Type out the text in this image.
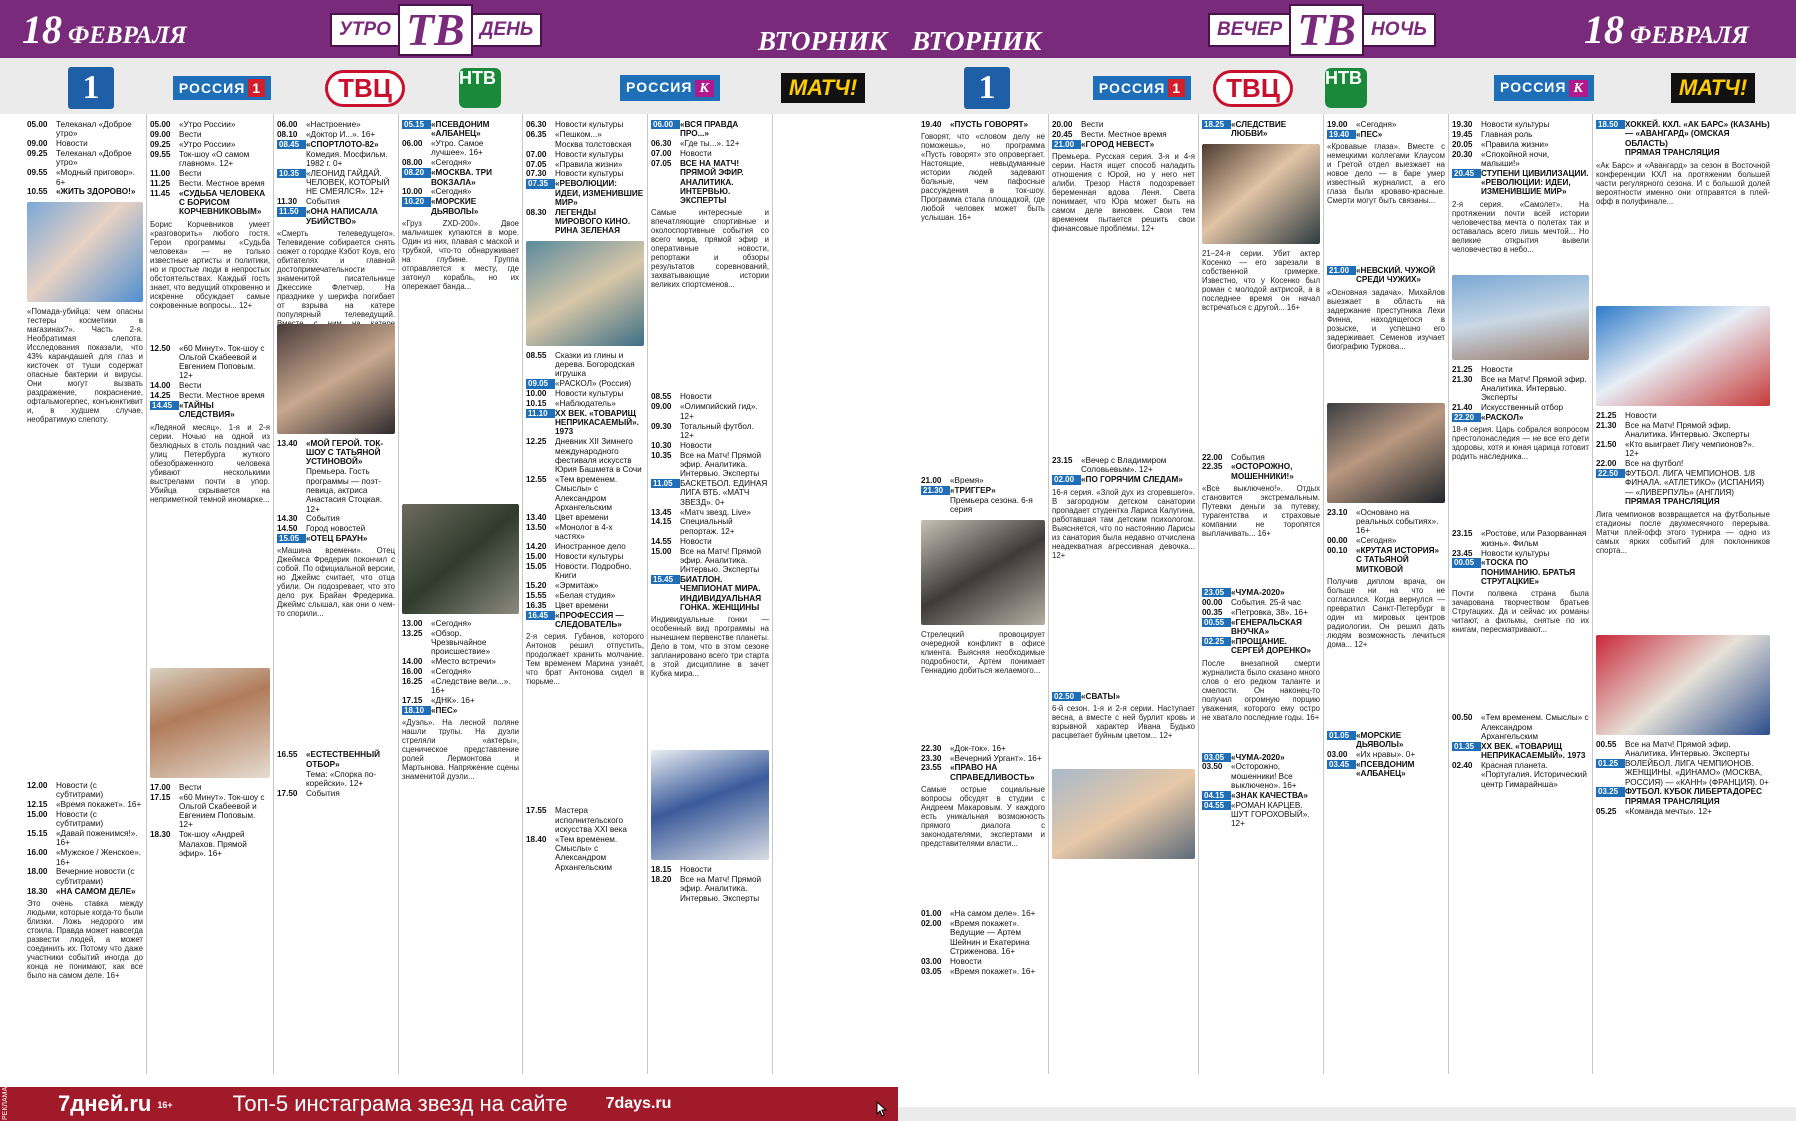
18 ФЕВРАЛЯ	УТРО ТВ ДЕНЬ	ВТОРНИК
1	РОССИЯ 1	ТВЦ	НТВ	РОССИЯ К	МАТЧ!
05.00	Телеканал «Доброе утро»
09.00	Новости
09.25	Телеканал «Доброе утро»
09.55	«Модный приговор». 6+
10.55	«ЖИТЬ ЗДОРОВО!»
«Помада-убийца: чем опасны тестеры косметики в магазинах?». Часть 2-я. Необратимая слепота. Исследования показали, что 43% карандашей для глаз и кисточек от туши содержат опасные бактерии и вирусы. Они могут вызвать раздражение, покраснение, офтальмогерпес, конъюнктивит и, в худшем случае, необратимую слепоту.
12.00	Новости (с субтитрами)
12.15	«Время покажет». 16+
15.00	Новости (с субтитрами)
15.15	«Давай поженимся!». 16+
16.00	«Мужское / Женское». 16+
18.00	Вечерние новости (с субтитрами)
18.30	«НА САМОМ ДЕЛЕ»
Это очень ставка между людьми, которые когда-то были близки. Ложь недорого им стоила. Правда может навсегда развести людей, а может соединить их. Потому что даже участники событий иногда до конца не понимают, как все было на самом деле. 16+
05.00	«Утро России»
09.00	Вести
09.25	«Утро России»
09.55	Ток-шоу «О самом главном». 12+
11.00	Вести
11.25	Вести. Местное время
11.45	«СУДЬБА ЧЕЛОВЕКА С БОРИСОМ КОРЧЕВНИКОВЫМ»
Борис Корчевников умеет «разговорить» любого гостя. Герои программы «Судьба человека» — не только известные артисты и политики, но и простые люди в непростых обстоятельствах. Каждый гость знает, что ведущий откровенно и искренне обсуждает самые сокровенные вопросы... 12+
12.50	«60 Минут». Ток-шоу с Ольгой Скабеевой и Евгением Поповым. 12+
14.00	Вести
14.25	Вести. Местное время
14.45 «ТАЙНЫ СЛЕДСТВИЯ»
«Ледяной месяц». 1-я и 2-я серии. Ночью на одной из безлюдных в столь поздний час улиц Петербурга жуткого обезображенного человека убивают несколькими выстрелами почти в упор. Убийца скрывается на неприметной темной иномарке...
17.00	Вести
17.15	«60 Минут». Ток-шоу с Ольгой Скабеевой и Евгением Поповым. 12+
18.30	Ток-шоу «Андрей Малахов. Прямой эфир». 16+
06.00	«Настроение»
08.10	«Доктор И...». 16+
08.45 «СПОРТЛОТО-82»
Комедия. Мосфильм. 1982 г. 0+
10.35 «ЛЕОНИД ГАЙДАЙ. ЧЕЛОВЕК, КОТОРЫЙ НЕ СМЕЯЛСЯ». 12+
11.30	События
11.50 «ОНА НАПИСАЛА УБИЙСТВО»
«Смерть телеведущего». Телевидение собирается снять сюжет о городке Кэбот Коув, его обитателях и главной достопримечательности — знаменитой писательнице Джессике Флетчер. На празднике у шерифа погибает от взрыва на катере популярный телеведущий.
13.40	«МОЙ ГЕРОЙ. ТОК-ШОУ С ТАТЬЯНОЙ УСТИНОВОЙ»
Премьера. Гость программы — поэт-певица, актриса Анастасия Стоцкая. 12+
14.30	События
14.50	Город новостей
15.05 «ОТЕЦ БРАУН»
«Машина времени». Отец Джеймса Фредерик покончил с собой. По официальной версии, но Джеймс считает, что отца убили. Он подозревает, что это дело рук Брайан Фредерика. Джеймс слышал, как они о чем-то спорили...
16.55	«ЕСТЕСТВЕННЫЙ ОТБОР»
Тема: «Спорка по-корейски». 12+
17.50	События
05.15 «ПСЕВДОНИМ «АЛБАНЕЦ»
06.00	«Утро. Самое лучшее». 16+
08.00	«Сегодня»
08.20 «МОСКВА. ТРИ ВОКЗАЛА»
10.00	«Сегодня»
10.20 «МОРСКИЕ ДЬЯВОЛЫ»
«Груз ZXD-200». Двое мальчишек купаются в море. Один из них, плавая с маской и трубкой, что-то обнаруживает на глубине. Группа отправляется к месту, где затонул корабль, но их опережает банда...
13.00	«Сегодня»
13.25	«Обзор. Чрезвычайное происшествие»
14.00	«Место встречи»
16.00	«Сегодня»
16.25	«Следствие вели...». 16+
17.15	«ДНК». 16+
18.10 «ПЕС»
«Дуэль». На лесной поляне нашли трупы. На дуэли стреляли «актеры», сценическое представление ролей Лермонтова и Мартынова. Напряжение сцены знаменитой дуэли...
06.30	Новости культуры
06.35	«Пешком...»
Москва толстовская
07.00	Новости культуры
07.05	«Правила жизни»
07.30	Новости культуры
07.35 «РЕВОЛЮЦИИ: ИДЕИ, ИЗМЕНИВШИЕ МИР»
08.30	ЛЕГЕНДЫ МИРОВОГО КИНО. РИНА ЗЕЛЕНАЯ
08.55	Сказки из глины и дерева. Богородская игрушка
09.05 «РАСКОЛ» (Россия)
10.00	Новости культуры
10.15	«Наблюдатель»
11.10 ХХ ВЕК. «ТОВАРИЩ НЕПРИКАСАЕМЫЙ». 1973
12.25	Дневник ХII Зимнего международного фестиваля искусств Юрия Башмета в Сочи
12.55	«Тем временем. Смыслы» с Александром Архангельским
13.40	Цвет времени
13.50	«Монолог в 4-х частях»
14.20	Иностранное дело
15.00	Новости культуры
15.05	Новости. Подробно. Книги
15.20	«Эрмитаж»
15.55	«Белая студия»
16.35	Цвет времени
16.45 «ПРОФЕССИЯ — СЛЕДОВАТЕЛЬ»
2-я серия. Губанов, которого Антонов решил отпустить, продолжает хранить молчание. Тем временем Марина узнаёт, что брат Антонова сидел в тюрьме...
17.55	Мастера исполнительского искусства ХХI века
18.40	«Тем временем. Смыслы» с Александром Архангельским
06.00 «ВСЯ ПРАВДА ПРО...»
06.30	«Где ты...». 12+
07.00	Новости
07.05	ВСЕ НА МАТЧ! ПРЯМОЙ ЭФИР. АНАЛИТИКА. ИНТЕРВЬЮ. ЭКСПЕРТЫ
Самые интересные и впечатляющие спортивные и околоспортивные события со всего мира, прямой эфир и оперативные новости, репортажи и обзоры результатов соревнований, захватывающие истории великих спортсменов...
08.55	Новости
09.00	«Олимпийский гид». 12+
09.30	Тотальный футбол. 12+
10.30	Новости
10.35	Все на Матч! Прямой эфир. Аналитика. Интервью. Эксперты
11.05 БАСКЕТБОЛ. ЕДИНАЯ ЛИГА ВТБ. «МАТЧ ЗВЕЗД». 0+
13.45	«Матч звезд. Live»
14.15	Специальный репортаж. 12+
14.55	Новости
15.00	Все на Матч! Прямой эфир. Аналитика. Интервью. Эксперты
15.45 БИАТЛОН. ЧЕМПИОНАТ МИРА. ИНДИВИДУАЛЬНАЯ ГОНКА. ЖЕНЩИНЫ
Индивидуальные гонки — особенный вид программы на нынешнем первенстве планеты. Дело в том, что в этом сезоне запланировано всего три старта в этой дисциплине в зачет Кубка мира...
18.15	Новости
18.20	Все на Матч! Прямой эфир. Аналитика. Интервью. Эксперты
РЕКЛАМА 7дней.ru 16+	Топ-5 инстаграма звезд на сайте 7days.ru
ВТОРНИК	ВЕЧЕР ТВ НОЧЬ	18 ФЕВРАЛЯ
1	РОССИЯ 1	ТВЦ	НТВ	РОССИЯ К	МАТЧ!
19.40	«ПУСТЬ ГОВОРЯТ»
Говорят, что «словом делу не поможешь», но программа «Пусть говорят» это опровергает. Настоящие, невыдуманные истории людей задевают больные, чем пафосные рассуждения в ток-шоу. Программа стала площадкой, где любой человек может быть услышан. 16+
21.00	«Время»
21.30 «ТРИГГЕР»
Премьера сезона. 6-я серия
Стрелецкий провоцирует очередной конфликт в офисе клиента. Выясняя необходимые подробности, Артем понимает Геннадию добиться желаемого...
22.30	«Док-ток». 16+
23.30	«Вечерний Ургант». 16+
23.55	«ПРАВО НА СПРАВЕДЛИВОСТЬ»
Самые острые социальные вопросы обсудят в студии с Андреем Макаровым. У каждого есть уникальная возможность прямого диалога с законодателями, экспертами и представителями власти...
01.00	«На самом деле». 16+
02.00	«Время покажет». Ведущие — Артем Шейнин и Екатерина Стриженова. 16+
03.00	Новости
03.05	«Время покажет». 16+
20.00	Вести
20.45	Вести. Местное время
21.00 «ГОРОД НЕВЕСТ»
Премьера. Русская серия. 3-я и 4-я серии. Настя ищет способ наладить отношения с Юрой, но у него нет алиби. Трезор Настя подозревает беременная вдова Леня. Света понимает, что Юра может быть на самом деле виновен. Свои тем временем пытается решить свои финансовые проблемы. 12+
23.15	«Вечер с Владимиром Соловьевым». 12+
02.00 «ПО ГОРЯЧИМ СЛЕДАМ»
16-я серия. «Злой дух из сгоревшего». В загородном детском санатории пропадает студентка Лариса Калугина, работавшая там детским психологом. Выясняется, что по настоянию Ларисы из санатория была недавно отчислена неадекватная агрессивная девочка... 12+
02.50 «СВАТЫ»
6-й сезон. 1-я и 2-я серии. Наступает весна, а вместе с ней бурлит кровь и взрывной характер Ивана Будько расцветает буйным цветом... 12+
18.25 «СЛЕДСТВИЕ ЛЮБВИ»
21–24-я серии. Убит актер Косенко — его зарезали в собственной гримерке. Известно, что у Косенко был роман с молодой актрисой, а в последнее время он начал встречаться с другой... 16+
22.00	События
22.35	«ОСТОРОЖНО, МОШЕННИКИ!»
«Все выключено!». Отдых становится экстремальным. Путевки деньги за путевку, турагентства и страховые компании не торопятся выплачивать... 16+
23.05 «ЧУМА-2020»
00.00	События. 25-й час
00.35	«Петровка, 38». 16+
00.55 «ГЕНЕРАЛЬСКАЯ ВНУЧКА»
02.25 «ПРОЩАНИЕ. СЕРГЕЙ ДОРЕНКО»
После внезапной смерти журналиста было сказано много слов о его редком таланте и смелости. Он наконец-то получил огромную порцию уважения, которого ему остро не хватало последние годы. 16+
03.05 «ЧУМА-2020»
03.50	«Осторожно, мошенники! Все выключено». 16+
04.15 «ЗНАК КАЧЕСТВА»
04.55 «РОМАН КАРЦЕВ. ШУТ ГОРОХОВЫЙ». 12+
19.00	«Сегодня»
19.40 «ПЕС»
«Кровавые глаза». Вместе с немецкими коллегами Клаусом и Гретой отдел выезжает на новое дело — в баре умер известный журналист, а его глаза были кроваво-красные. Смерти могут быть связаны...
21.00 «НЕВСКИЙ. ЧУЖОЙ СРЕДИ ЧУЖИХ»
«Основная задача». Михайлов выезжает в область на задержание преступника Лехи Финна, находящегося в розыске, и успешно его задерживает. Семенов изучает биографию Туркова...
23.10	«Основано на реальных событиях». 16+
00.00	«Сегодня»
00.10	«КРУТАЯ ИСТОРИЯ» С ТАТЬЯНОЙ МИТКОВОЙ
Получив диплом врача, он больше ни на что не согласился. Когда вернулся — превратил Санкт-Петербург в один из мировых центров радиологии. Он решил дать людям возможность лечиться дома... 12+
01.05 «МОРСКИЕ ДЬЯВОЛЫ»
03.00	«Их нравы». 0+
03.45 «ПСЕВДОНИМ «АЛБАНЕЦ»
19.30	Новости культуры
19.45	Главная роль
20.05	«Правила жизни»
20.30	«Спокойной ночи, малыши!»
20.45 СТУПЕНИ ЦИВИЛИЗАЦИИ. «РЕВОЛЮЦИИ: ИДЕИ, ИЗМЕНИВШИЕ МИР»
2-я серия. «Самолет». На протяжении почти всей истории человечества мечта о полетах так и оставалась всего лишь мечтой... Но великие открытия вывели человечество в небо...
21.25	Новости
21.30	Все на Матч! Прямой эфир. Аналитика. Интервью. Эксперты
21.40	Искусственный отбор
22.20 «РАСКОЛ»
18-я серия. Царь собрался вопросом престолонаследия — не все его дети здоровы, хотя и юная царица готовит родить наследника...
23.15	«Ростове, или Разорванная жизнь». Фильм
23.45	Новости культуры
00.05 «ТОСКА ПО ПОНИМАНИЮ. БРАТЬЯ СТРУГАЦКИЕ»
Почти полвека страна была зачарована творчеством братьев Стругацких. Да и сейчас их романы читают, а фильмы, снятые по их книгам, пересматривают...
00.50	«Тем временем. Смыслы» с Александром Архангельским
01.35 ХХ ВЕК. «ТОВАРИЩ НЕПРИКАСАЕМЫЙ». 1973
02.40	Красная планета. «Португалия. Исторический центр Гимарайнша»
18.50 ХОККЕЙ. КХЛ. «АК БАРС» (КАЗАНЬ) — «АВАНГАРД» (ОМСКАЯ ОБЛАСТЬ)
ПРЯМАЯ ТРАНСЛЯЦИЯ
«Ак Барс» и «Авангард» за сезон в Восточной конференции КХЛ на протяжении большей части регулярного сезона. И с большой долей вероятности именно они отправятся в плей-офф в полуфинале...
21.25	Новости
21.30	Все на Матч! Прямой эфир. Аналитика. Интервью. Эксперты
21.50	«Кто выиграет Лигу чемпионов?». 12+
22.00	Все на футбол!
22.50 ФУТБОЛ. ЛИГА ЧЕМПИОНОВ. 1/8 ФИНАЛА. «АТЛЕТИКО» (ИСПАНИЯ) — «ЛИВЕРПУЛЬ» (АНГЛИЯ)
ПРЯМАЯ ТРАНСЛЯЦИЯ
Лига чемпионов возвращается на футбольные стадионы после двухмесячного перерыва. Матчи плей-офф этого турнира — одно из самых ярких событий для поклонников спорта...
00.55	Все на Матч! Прямой эфир. Аналитика. Интервью. Эксперты
01.25 ВОЛЕЙБОЛ. ЛИГА ЧЕМПИОНОВ. ЖЕНЩИНЫ. «ДИНАМО» (МОСКВА, РОССИЯ) — «КАНН» (ФРАНЦИЯ). 0+
03.25 ФУТБОЛ. КУБОК ЛИБЕРТАДОРЕС
ПРЯМАЯ ТРАНСЛЯЦИЯ
05.25	«Команда мечты». 12+
